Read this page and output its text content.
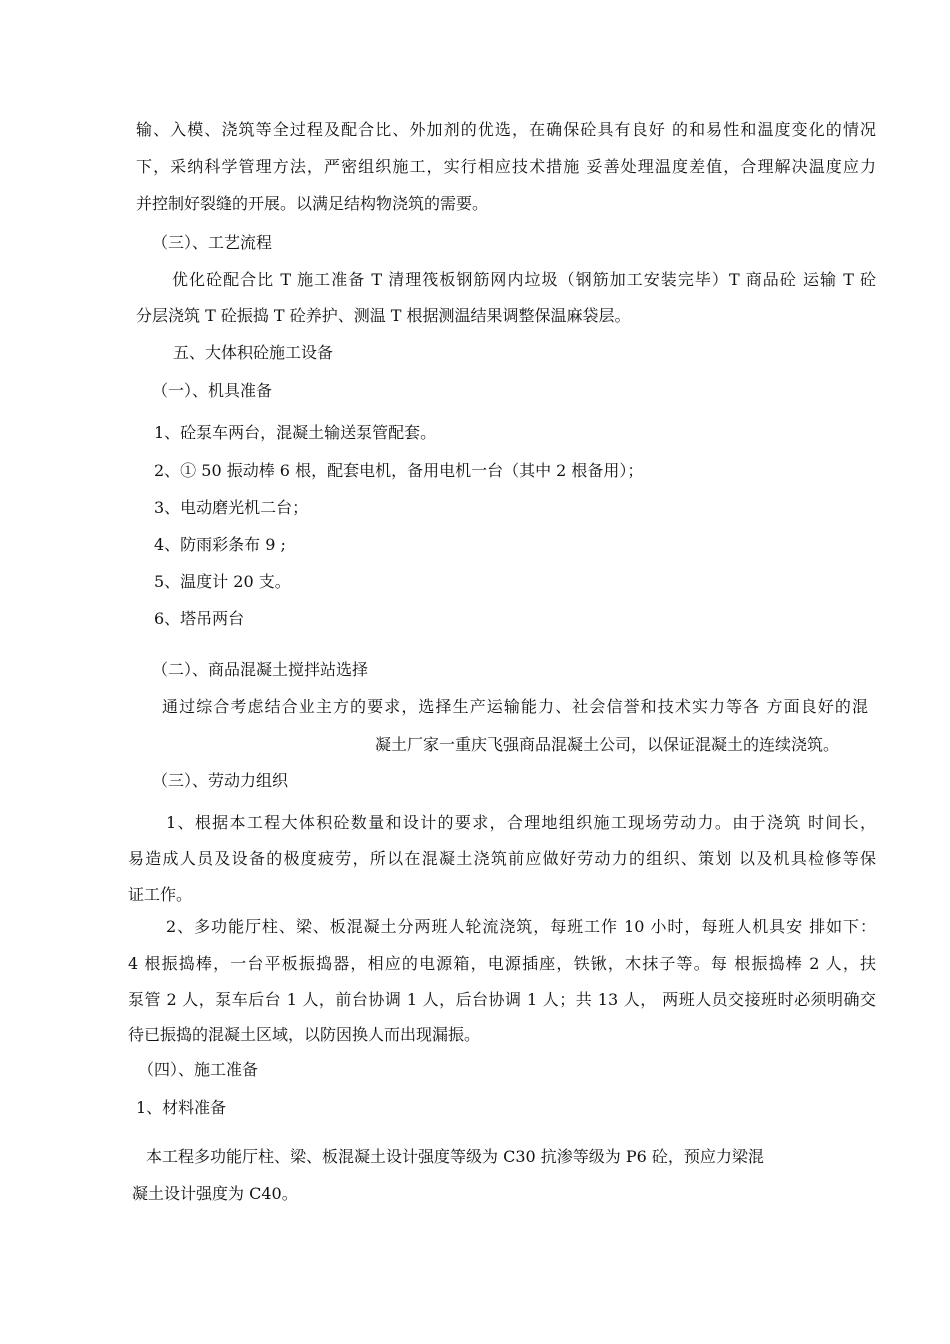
输、入模、浇筑等全过程及配合比、外加剂的优选，在确保砼具有良好 的和易性和温度变化的情况

下，采纳科学管理方法，严密组织施工，实行相应技术措施 妥善处理温度差值，合理解决温度应力

并控制好裂缝的开展。以满足结构物浇筑的需要。

（三）、工艺流程

优化砼配合比 T 施工准备 T 清理筏板钢筋网内垃圾（钢筋加工安装完毕）T 商品砼 运输 T 砼

分层浇筑 T 砼振捣 T 砼养护、测温 T 根据测温结果调整保温麻袋层。

五、大体积砼施工设备

（一）、机具准备

1、砼泵车两台，混凝土输送泵管配套。

2、① 50 振动棒 6 根，配套电机，备用电机一台（其中 2 根备用）；

3、电动磨光机二台；

4、防雨彩条布 9 ;

5、温度计 20 支。

6、塔吊两台

（二）、商品混凝土搅拌站选择

通过综合考虑结合业主方的要求，选择生产运输能力、社会信誉和技术实力等各 方面良好的混

凝土厂家一重庆飞强商品混凝土公司，以保证混凝土的连续浇筑。

（三）、劳动力组织

1、根据本工程大体积砼数量和设计的要求，合理地组织施工现场劳动力。由于浇筑 时间长，

易造成人员及设备的极度疲劳，所以在混凝土浇筑前应做好劳动力的组织、策划 以及机具检修等保

证工作。

2、多功能厅柱、梁、板混凝土分两班人轮流浇筑，每班工作 10 小时，每班人机具安 排如下：

4 根振捣棒，一台平板振捣器，相应的电源箱，电源插座，铁锹，木抹子等。每 根振捣棒 2 人，扶

泵管 2 人，泵车后台 1 人，前台协调 1 人，后台协调 1 人；共 13 人， 两班人员交接班时必须明确交

待已振捣的混凝土区域，以防因换人而出现漏振。

（四）、施工准备

1、材料准备

本工程多功能厅柱、梁、板混凝土设计强度等级为 C30 抗渗等级为 P6 砼，预应力梁混

凝土设计强度为 C40。
